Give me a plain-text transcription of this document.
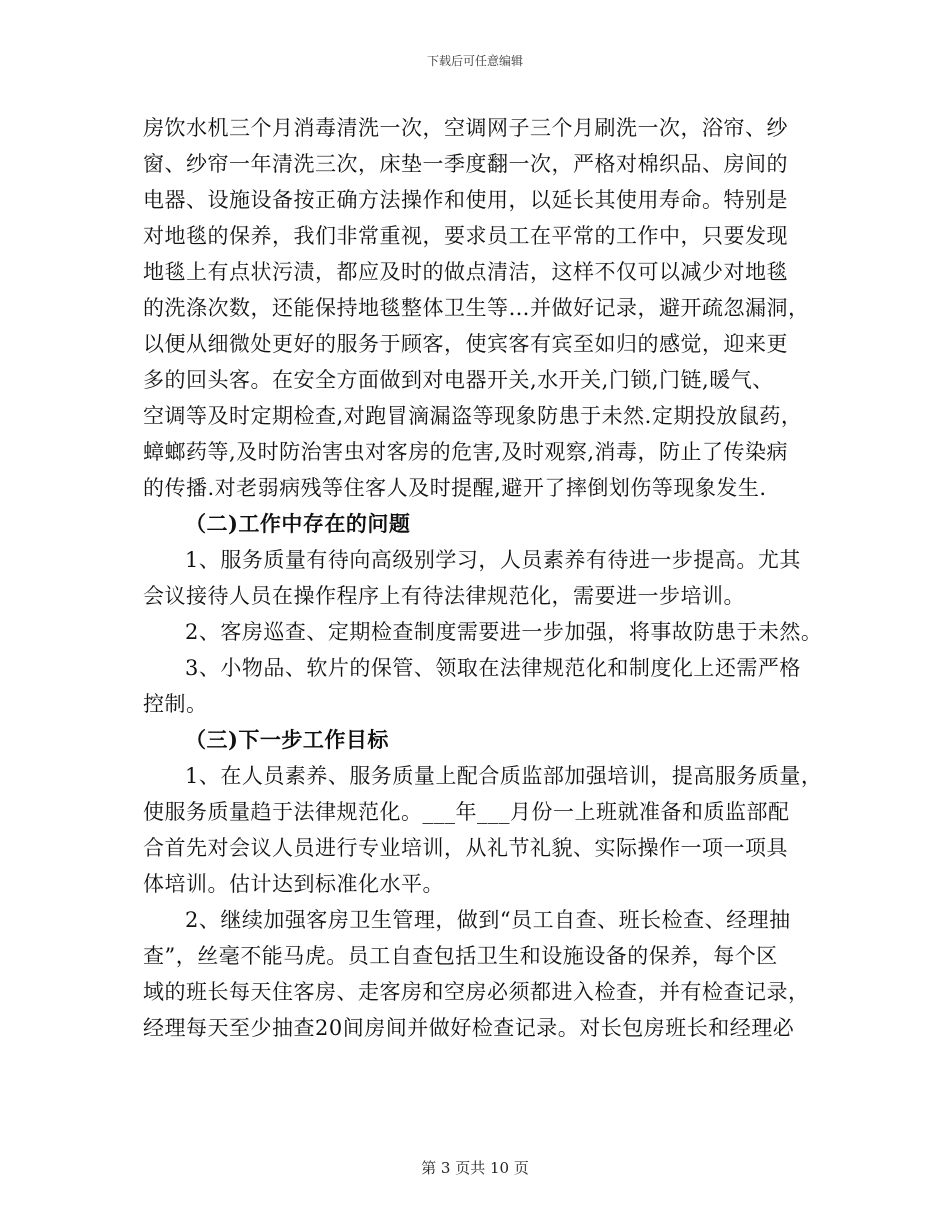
下载后可任意编辑
房饮水机三个月消毒清洗一次，空调网子三个月刷洗一次，浴帘、纱
窗、纱帘一年清洗三次，床垫一季度翻一次，严格对棉织品、房间的
电器、设施设备按正确方法操作和使用，以延长其使用寿命。特别是
对地毯的保养，我们非常重视，要求员工在平常的工作中，只要发现
地毯上有点状污渍，都应及时的做点清洁，这样不仅可以减少对地毯
的洗涤次数，还能保持地毯整体卫生等…并做好记录，避开疏忽漏洞，
以便从细微处更好的服务于顾客，使宾客有宾至如归的感觉，迎来更
多的回头客。在安全方面做到对电器开关,水开关,门锁,门链,暖气、
空调等及时定期检查,对跑冒滴漏盗等现象防患于未然.定期投放鼠药，
蟑螂药等,及时防治害虫对客房的危害,及时观察,消毒，防止了传染病
的传播.对老弱病残等住客人及时提醒,避开了摔倒划伤等现象发生.
（二)工作中存在的问题
1、服务质量有待向高级别学习，人员素养有待进一步提高。尤其
会议接待人员在操作程序上有待法律规范化，需要进一步培训。
2、客房巡查、定期检查制度需要进一步加强，将事故防患于未然。
3、小物品、软片的保管、领取在法律规范化和制度化上还需严格
控制。
（三)下一步工作目标
1、在人员素养、服务质量上配合质监部加强培训，提高服务质量，
使服务质量趋于法律规范化。___年___月份一上班就准备和质监部配
合首先对会议人员进行专业培训，从礼节礼貌、实际操作一项一项具
体培训。估计达到标准化水平。
2、继续加强客房卫生管理，做到“员工自查、班长检查、经理抽
查”，丝毫不能马虎。员工自查包括卫生和设施设备的保养，每个区
域的班长每天住客房、走客房和空房必须都进入检查，并有检查记录，
经理每天至少抽查20间房间并做好检查记录。对长包房班长和经理必
第 3 页共 10 页
